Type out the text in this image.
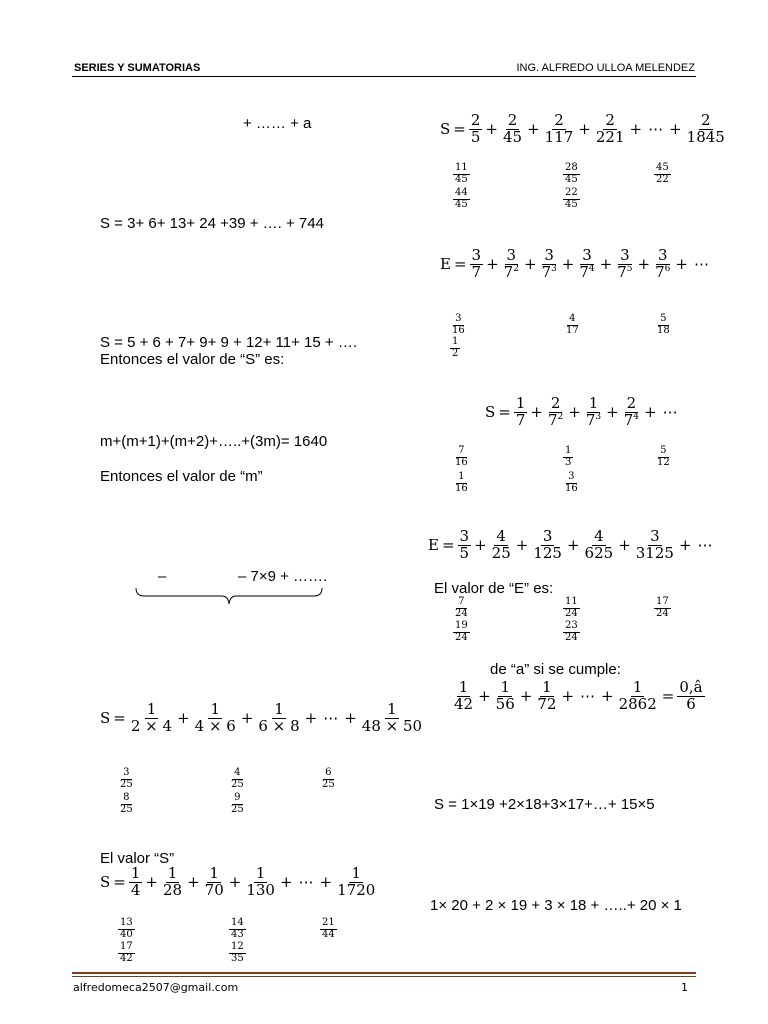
SERIES Y SUMATORIAS	ING. ALFREDO ULLOA MELENDEZ
+ …… + a
S = 3+ 6+ 13+ 24 +39 + …. + 744
S = 5 + 6 + 7+ 9+ 9 + 12+ 11+ 15 + ….
Entonces el valor de “S” es:
m+(m+1)+(m+2)+…..+(3m)= 1640
Entonces el valor de “m”
–	– 7×9 + …….
El valor “S”
El valor de “E” es:
de “a” si se cumple:
S = 1×19 +2×18+3×17+…+ 15×5
1× 20 + 2 × 19 + 3 × 18 + …..+ 20 × 1
$S = \frac{2}{5} + \frac{2}{45} + \frac{2}{117} + \frac{2}{221}$ + ⋯ + $\frac{2}{1845}$
$E = \frac{3}{7} + \frac{3}{7^2} + \frac{3}{7^3} + \frac{3}{7^4} + \frac{3}{7^5} + \frac{3}{7^6}$ + ⋯
$S = \frac{1}{7} + \frac{2}{7^2} + \frac{1}{7^3} + \frac{2}{7^4}$ + ⋯
$E = \frac{3}{5} + \frac{4}{25} + \frac{3}{125} + \frac{4}{625} + \frac{3}{3125}$ + ⋯
$\frac{1}{42} + \frac{1}{56} + \frac{1}{72}$ + ⋯ + $\frac{1}{2862} = \frac{0,â}{6}$
$S = \frac{1}{2 \times 4} + \frac{1}{4 \times 6} + \frac{1}{6 \times 8}$ + ⋯ + $\frac{1}{48 \times 50}$
$S = \frac{1}{4} + \frac{1}{28} + \frac{1}{70} + \frac{1}{130}$ + ⋯ + $\frac{1}{1720}$
$\frac{11}{45}$	$\frac{28}{45}$	$\frac{45}{22}$
$\frac{44}{45}$	$\frac{22}{45}$
$\frac{3}{16}$	$\frac{4}{17}$	$\frac{5}{18}$
$\frac{1}{2}$
$\frac{7}{16}$	$\frac{1}{3}$	$\frac{5}{12}$
$\frac{1}{16}$	$\frac{3}{16}$
$\frac{7}{24}$	$\frac{11}{24}$	$\frac{17}{24}$
$\frac{19}{24}$	$\frac{23}{24}$
$\frac{3}{25}$	$\frac{4}{25}$	$\frac{6}{25}$
$\frac{8}{25}$	$\frac{9}{25}$
$\frac{13}{40}$	$\frac{14}{43}$	$\frac{21}{44}$
$\frac{17}{42}$	$\frac{12}{35}$
alfredomeca2507@gmail.com	1
